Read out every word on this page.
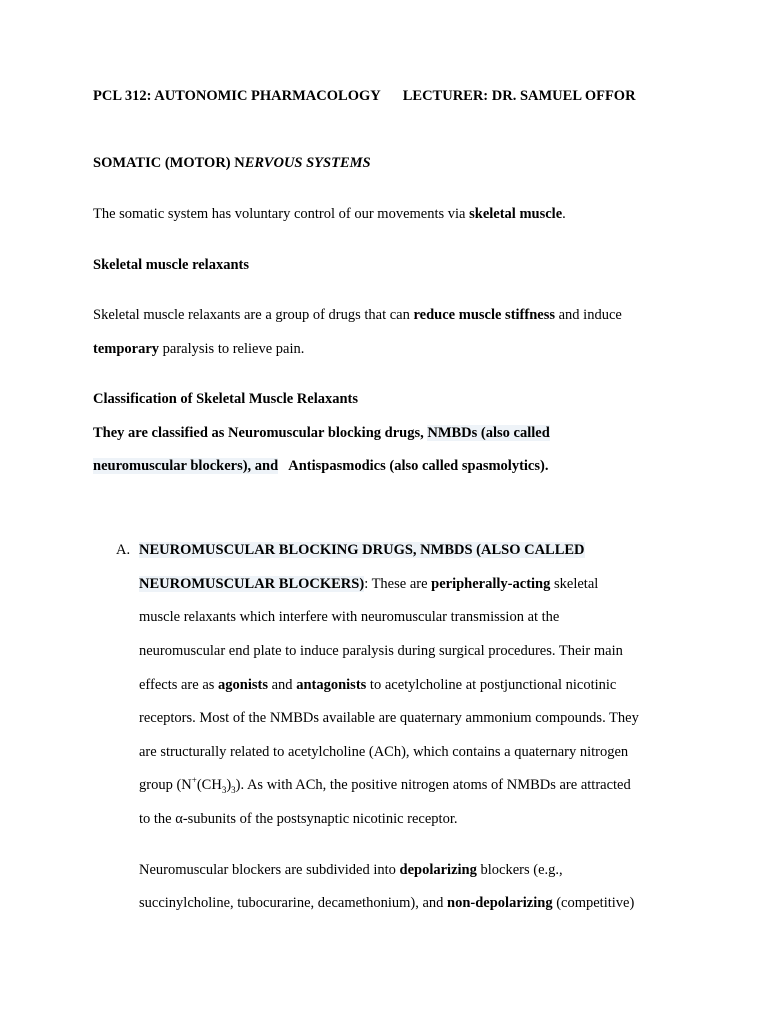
PCL 312: AUTONOMIC PHARMACOLOGY LECTURER: DR. SAMUEL OFFOR
SOMATIC (MOTOR) NERVOUS SYSTEMS
The somatic system has voluntary control of our movements via skeletal muscle.
Skeletal muscle relaxants
Skeletal muscle relaxants are a group of drugs that can reduce muscle stiffness and induce
temporary paralysis to relieve pain.
Classification of Skeletal Muscle Relaxants
They are classified as Neuromuscular blocking drugs, NMBDs (also called
neuromuscular blockers), and   Antispasmodics (also called spasmolytics).
A. NEUROMUSCULAR BLOCKING DRUGS, NMBDS (ALSO CALLED
NEUROMUSCULAR BLOCKERS): These are peripherally-acting skeletal
muscle relaxants which interfere with neuromuscular transmission at the
neuromuscular end plate to induce paralysis during surgical procedures. Their main
effects are as agonists and antagonists to acetylcholine at postjunctional nicotinic
receptors. Most of the NMBDs available are quaternary ammonium compounds. They
are structurally related to acetylcholine (ACh), which contains a quaternary nitrogen
group $(N^+(CH_3)_3)$. As with ACh, the positive nitrogen atoms of NMBDs are attracted
to the α-subunits of the postsynaptic nicotinic receptor.
Neuromuscular blockers are subdivided into depolarizing blockers (e.g.,
succinylcholine, tubocurarine, decamethonium), and non-depolarizing (competitive)
